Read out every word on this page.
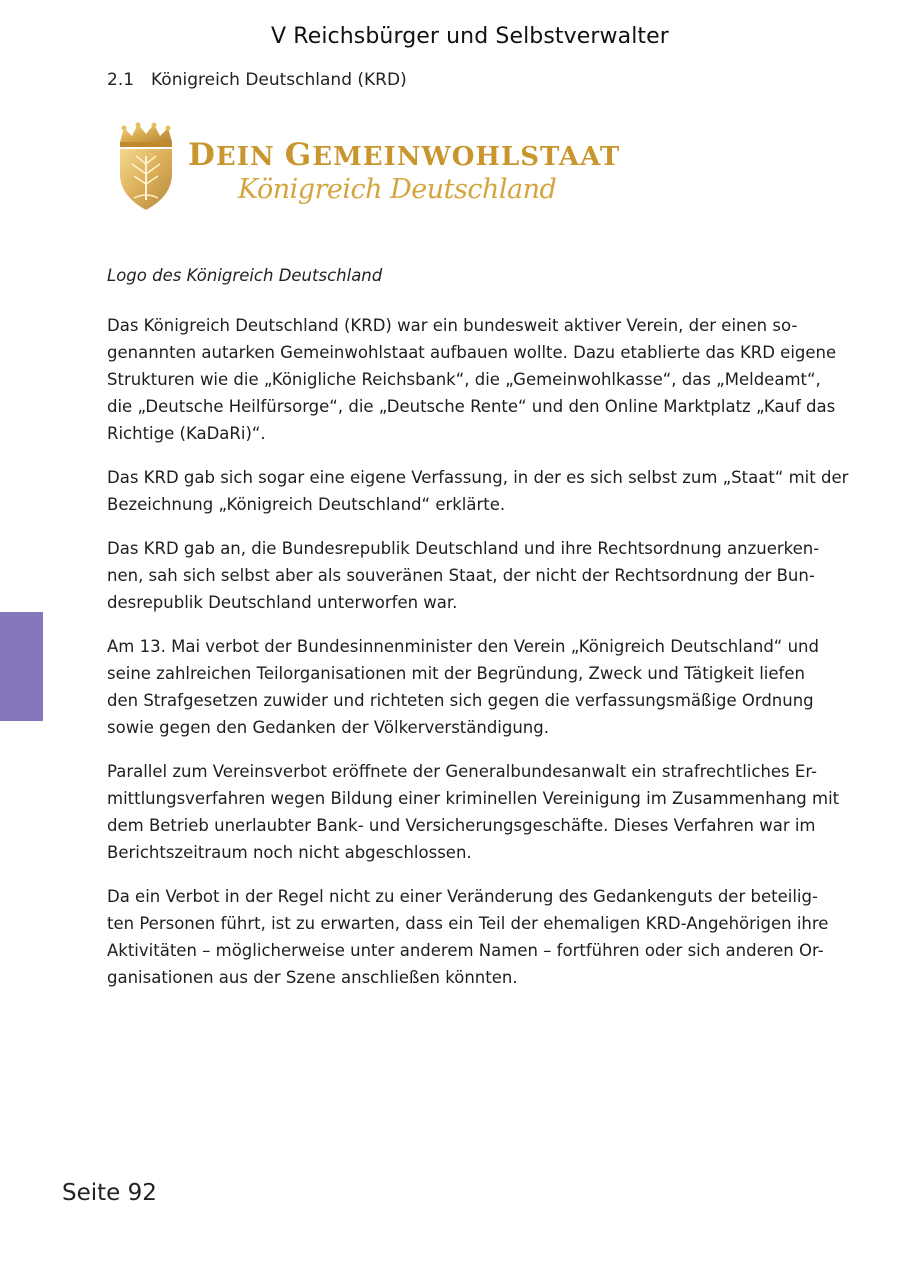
V Reichsbürger und Selbstverwalter
2.1 Königreich Deutschland (KRD)
DEIN GEMEINWOHLSTAAT
Königreich Deutschland
Logo des Königreich Deutschland

Das Königreich Deutschland (KRD) war ein bundesweit aktiver Verein, der einen so-
genannten autarken Gemeinwohlstaat aufbauen wollte. Dazu etablierte das KRD eigene
Strukturen wie die „Königliche Reichsbank“, die „Gemeinwohlkasse“, das „Meldeamt“,
die „Deutsche Heilfürsorge“, die „Deutsche Rente“ und den Online Marktplatz „Kauf das
Richtige (KaDaRi)“.

Das KRD gab sich sogar eine eigene Verfassung, in der es sich selbst zum „Staat“ mit der
Bezeichnung „Königreich Deutschland“ erklärte.

Das KRD gab an, die Bundesrepublik Deutschland und ihre Rechtsordnung anzuerken-
nen, sah sich selbst aber als souveränen Staat, der nicht der Rechtsordnung der Bun-
desrepublik Deutschland unterworfen war.

Am 13. Mai verbot der Bundesinnenminister den Verein „Königreich Deutschland“ und
seine zahlreichen Teilorganisationen mit der Begründung, Zweck und Tätigkeit liefen
den Strafgesetzen zuwider und richteten sich gegen die verfassungsmäßige Ordnung
sowie gegen den Gedanken der Völkerverständigung.

Parallel zum Vereinsverbot eröffnete der Generalbundesanwalt ein strafrechtliches Er-
mittlungsverfahren wegen Bildung einer kriminellen Vereinigung im Zusammenhang mit
dem Betrieb unerlaubter Bank- und Versicherungsgeschäfte. Dieses Verfahren war im
Berichtszeitraum noch nicht abgeschlossen.

Da ein Verbot in der Regel nicht zu einer Veränderung des Gedankenguts der beteilig-
ten Personen führt, ist zu erwarten, dass ein Teil der ehemaligen KRD-Angehörigen ihre
Aktivitäten – möglicherweise unter anderem Namen – fortführen oder sich anderen Or-
ganisationen aus der Szene anschließen könnten.

Seite 92
